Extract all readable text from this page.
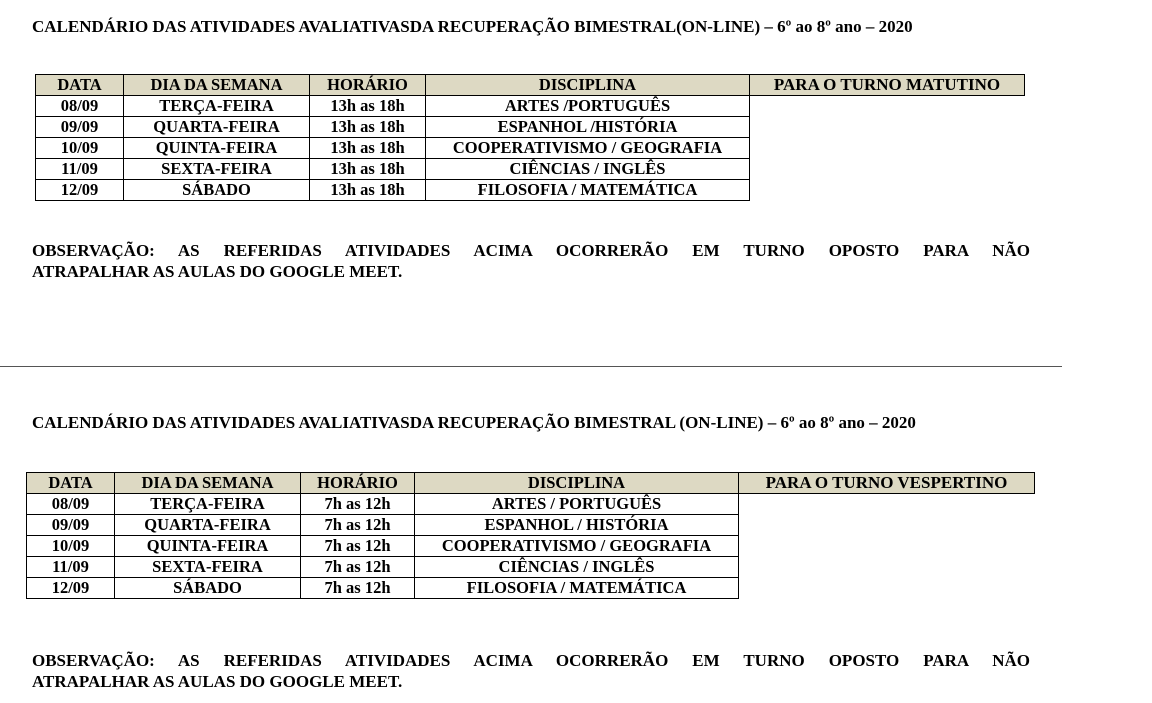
CALENDÁRIO DAS ATIVIDADES AVALIATIVASDA RECUPERAÇÃO BIMESTRAL(ON-LINE) – 6º ao 8º ano – 2020
DATA	DIA DA SEMANA	HORÁRIO	DISCIPLINA	PARA O TURNO MATUTINO
08/09	TERÇA-FEIRA	13h as 18h	ARTES /PORTUGUÊS	
09/09	QUARTA-FEIRA	13h as 18h	ESPANHOL /HISTÓRIA	
10/09	QUINTA-FEIRA	13h as 18h	COOPERATIVISMO / GEOGRAFIA	
11/09	SEXTA-FEIRA	13h as 18h	CIÊNCIAS / INGLÊS	
12/09	SÁBADO	13h as 18h	FILOSOFIA / MATEMÁTICA	
OBSERVAÇÃO: AS REFERIDAS ATIVIDADES ACIMA OCORRERÃO EM TURNO OPOSTO PARA NÃO
ATRAPALHAR AS AULAS DO GOOGLE MEET.
CALENDÁRIO DAS ATIVIDADES AVALIATIVASDA RECUPERAÇÃO BIMESTRAL (ON-LINE) – 6º ao 8º ano – 2020
DATA	DIA DA SEMANA	HORÁRIO	DISCIPLINA	PARA O TURNO VESPERTINO
08/09	TERÇA-FEIRA	7h as 12h	ARTES / PORTUGUÊS	
09/09	QUARTA-FEIRA	7h as 12h	ESPANHOL / HISTÓRIA	
10/09	QUINTA-FEIRA	7h as 12h	COOPERATIVISMO / GEOGRAFIA	
11/09	SEXTA-FEIRA	7h as 12h	CIÊNCIAS / INGLÊS	
12/09	SÁBADO	7h as 12h	FILOSOFIA / MATEMÁTICA	
OBSERVAÇÃO: AS REFERIDAS ATIVIDADES ACIMA OCORRERÃO EM TURNO OPOSTO PARA NÃO
ATRAPALHAR AS AULAS DO GOOGLE MEET.
